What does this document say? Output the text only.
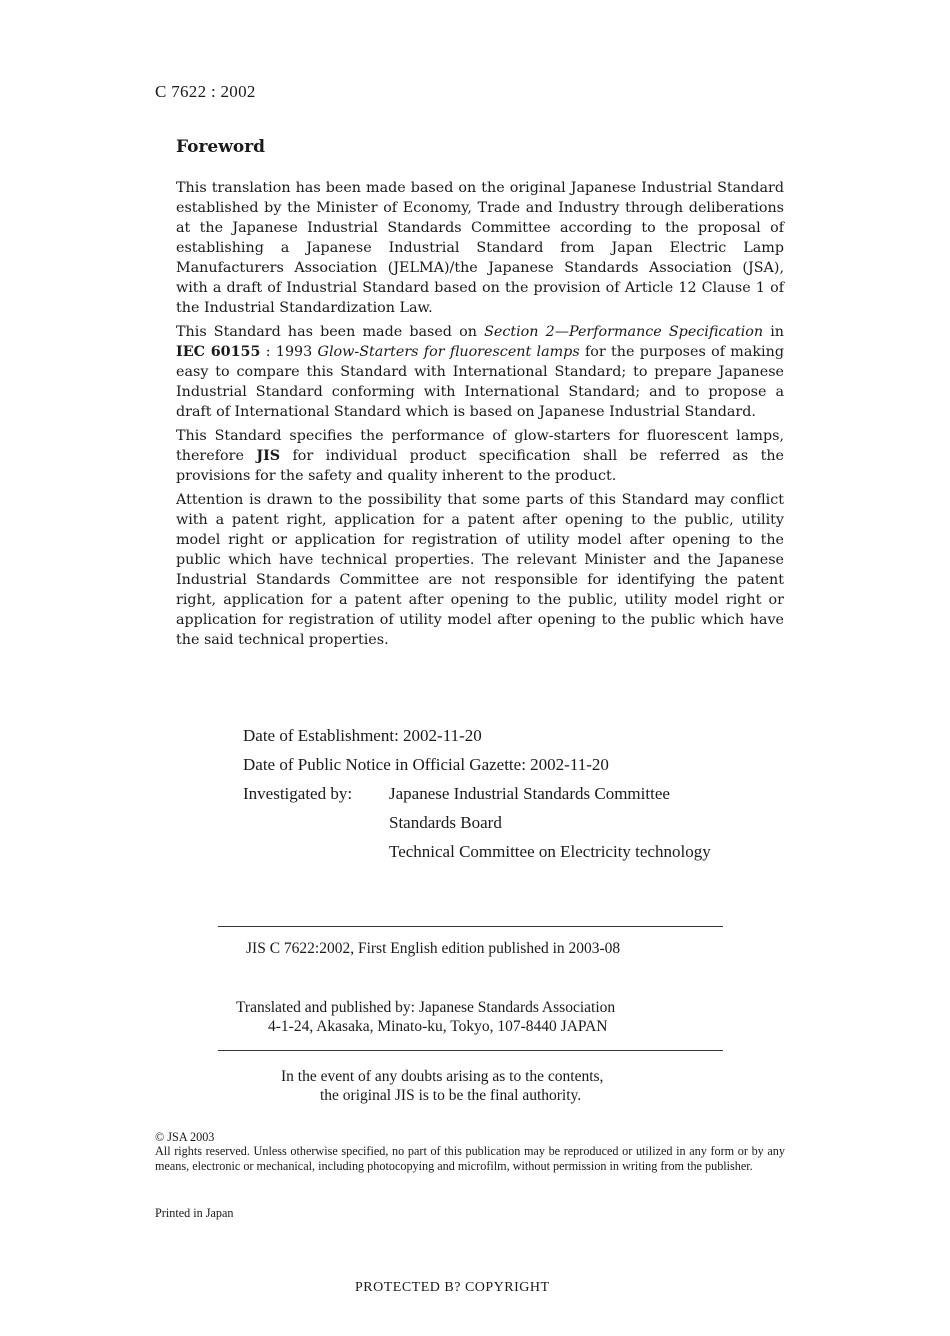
C 7622 : 2002
Foreword

This translation has been made based on the original Japanese Industrial Standard established by the Minister of Economy, Trade and Industry through deliberations at the Japanese Industrial Standards Committee according to the proposal of establishing a Japanese Industrial Standard from Japan Electric Lamp Manufacturers Association (JELMA)/the Japanese Standards Association (JSA), with a draft of Industrial Standard based on the provision of Article 12 Clause 1 of the Industrial Standardization Law.

This Standard has been made based on Section 2—Performance Specification in IEC 60155 : 1993 Glow-Starters for fluorescent lamps for the purposes of making easy to compare this Standard with International Standard; to prepare Japanese Industrial Standard conforming with International Standard; and to propose a draft of International Standard which is based on Japanese Industrial Standard.

This Standard specifies the performance of glow-starters for fluorescent lamps, therefore JIS for individual product specification shall be referred as the provisions for the safety and quality inherent to the product.

Attention is drawn to the possibility that some parts of this Standard may conflict with a patent right, application for a patent after opening to the public, utility model right or application for registration of utility model after opening to the public which have technical properties. The relevant Minister and the Japanese Industrial Standards Committee are not responsible for identifying the patent right, application for a patent after opening to the public, utility model right or application for registration of utility model after opening to the public which have the said technical properties.

Date of Establishment: 2002-11-20
Date of Public Notice in Official Gazette: 2002-11-20
Investigated by: Japanese Industrial Standards Committee
Standards Board
Technical Committee on Electricity technology
JIS C 7622:2002, First English edition published in 2003-08
Translated and published by: Japanese Standards Association
4-1-24, Akasaka, Minato-ku, Tokyo, 107-8440 JAPAN
In the event of any doubts arising as to the contents,
the original JIS is to be the final authority.
© JSA 2003
All rights reserved. Unless otherwise specified, no part of this publication may be reproduced or utilized in any form or by any means, electronic or mechanical, including photocopying and microfilm, without permission in writing from the publisher.
Printed in Japan
PROTECTED B? COPYRIGHT
